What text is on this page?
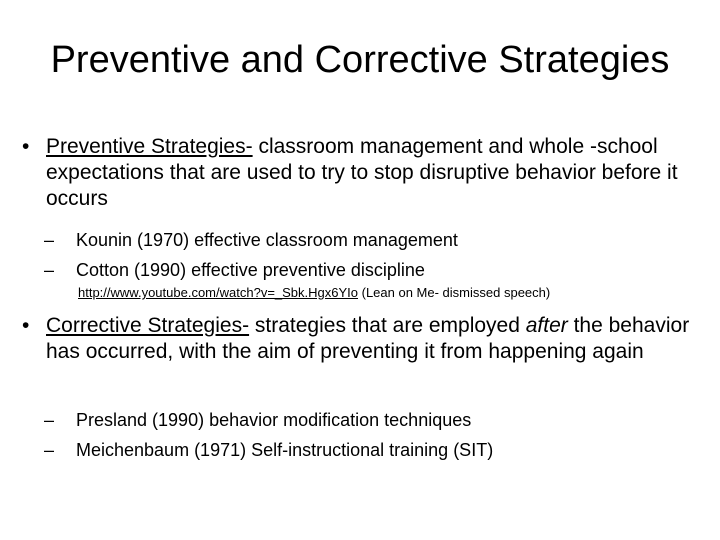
Preventive and Corrective Strategies
• Preventive Strategies- classroom management and whole -school expectations that are used to try to stop disruptive behavior before it occurs
–	Kounin (1970) effective classroom management
–	Cotton (1990) effective preventive discipline
http://www.youtube.com/watch?v=_Sbk.Hgx6YIo (Lean on Me- dismissed speech)
• Corrective Strategies- strategies that are employed after the behavior has occurred, with the aim of preventing it from happening again
–	Presland (1990) behavior modification techniques
–	Meichenbaum (1971) Self-instructional training (SIT)
